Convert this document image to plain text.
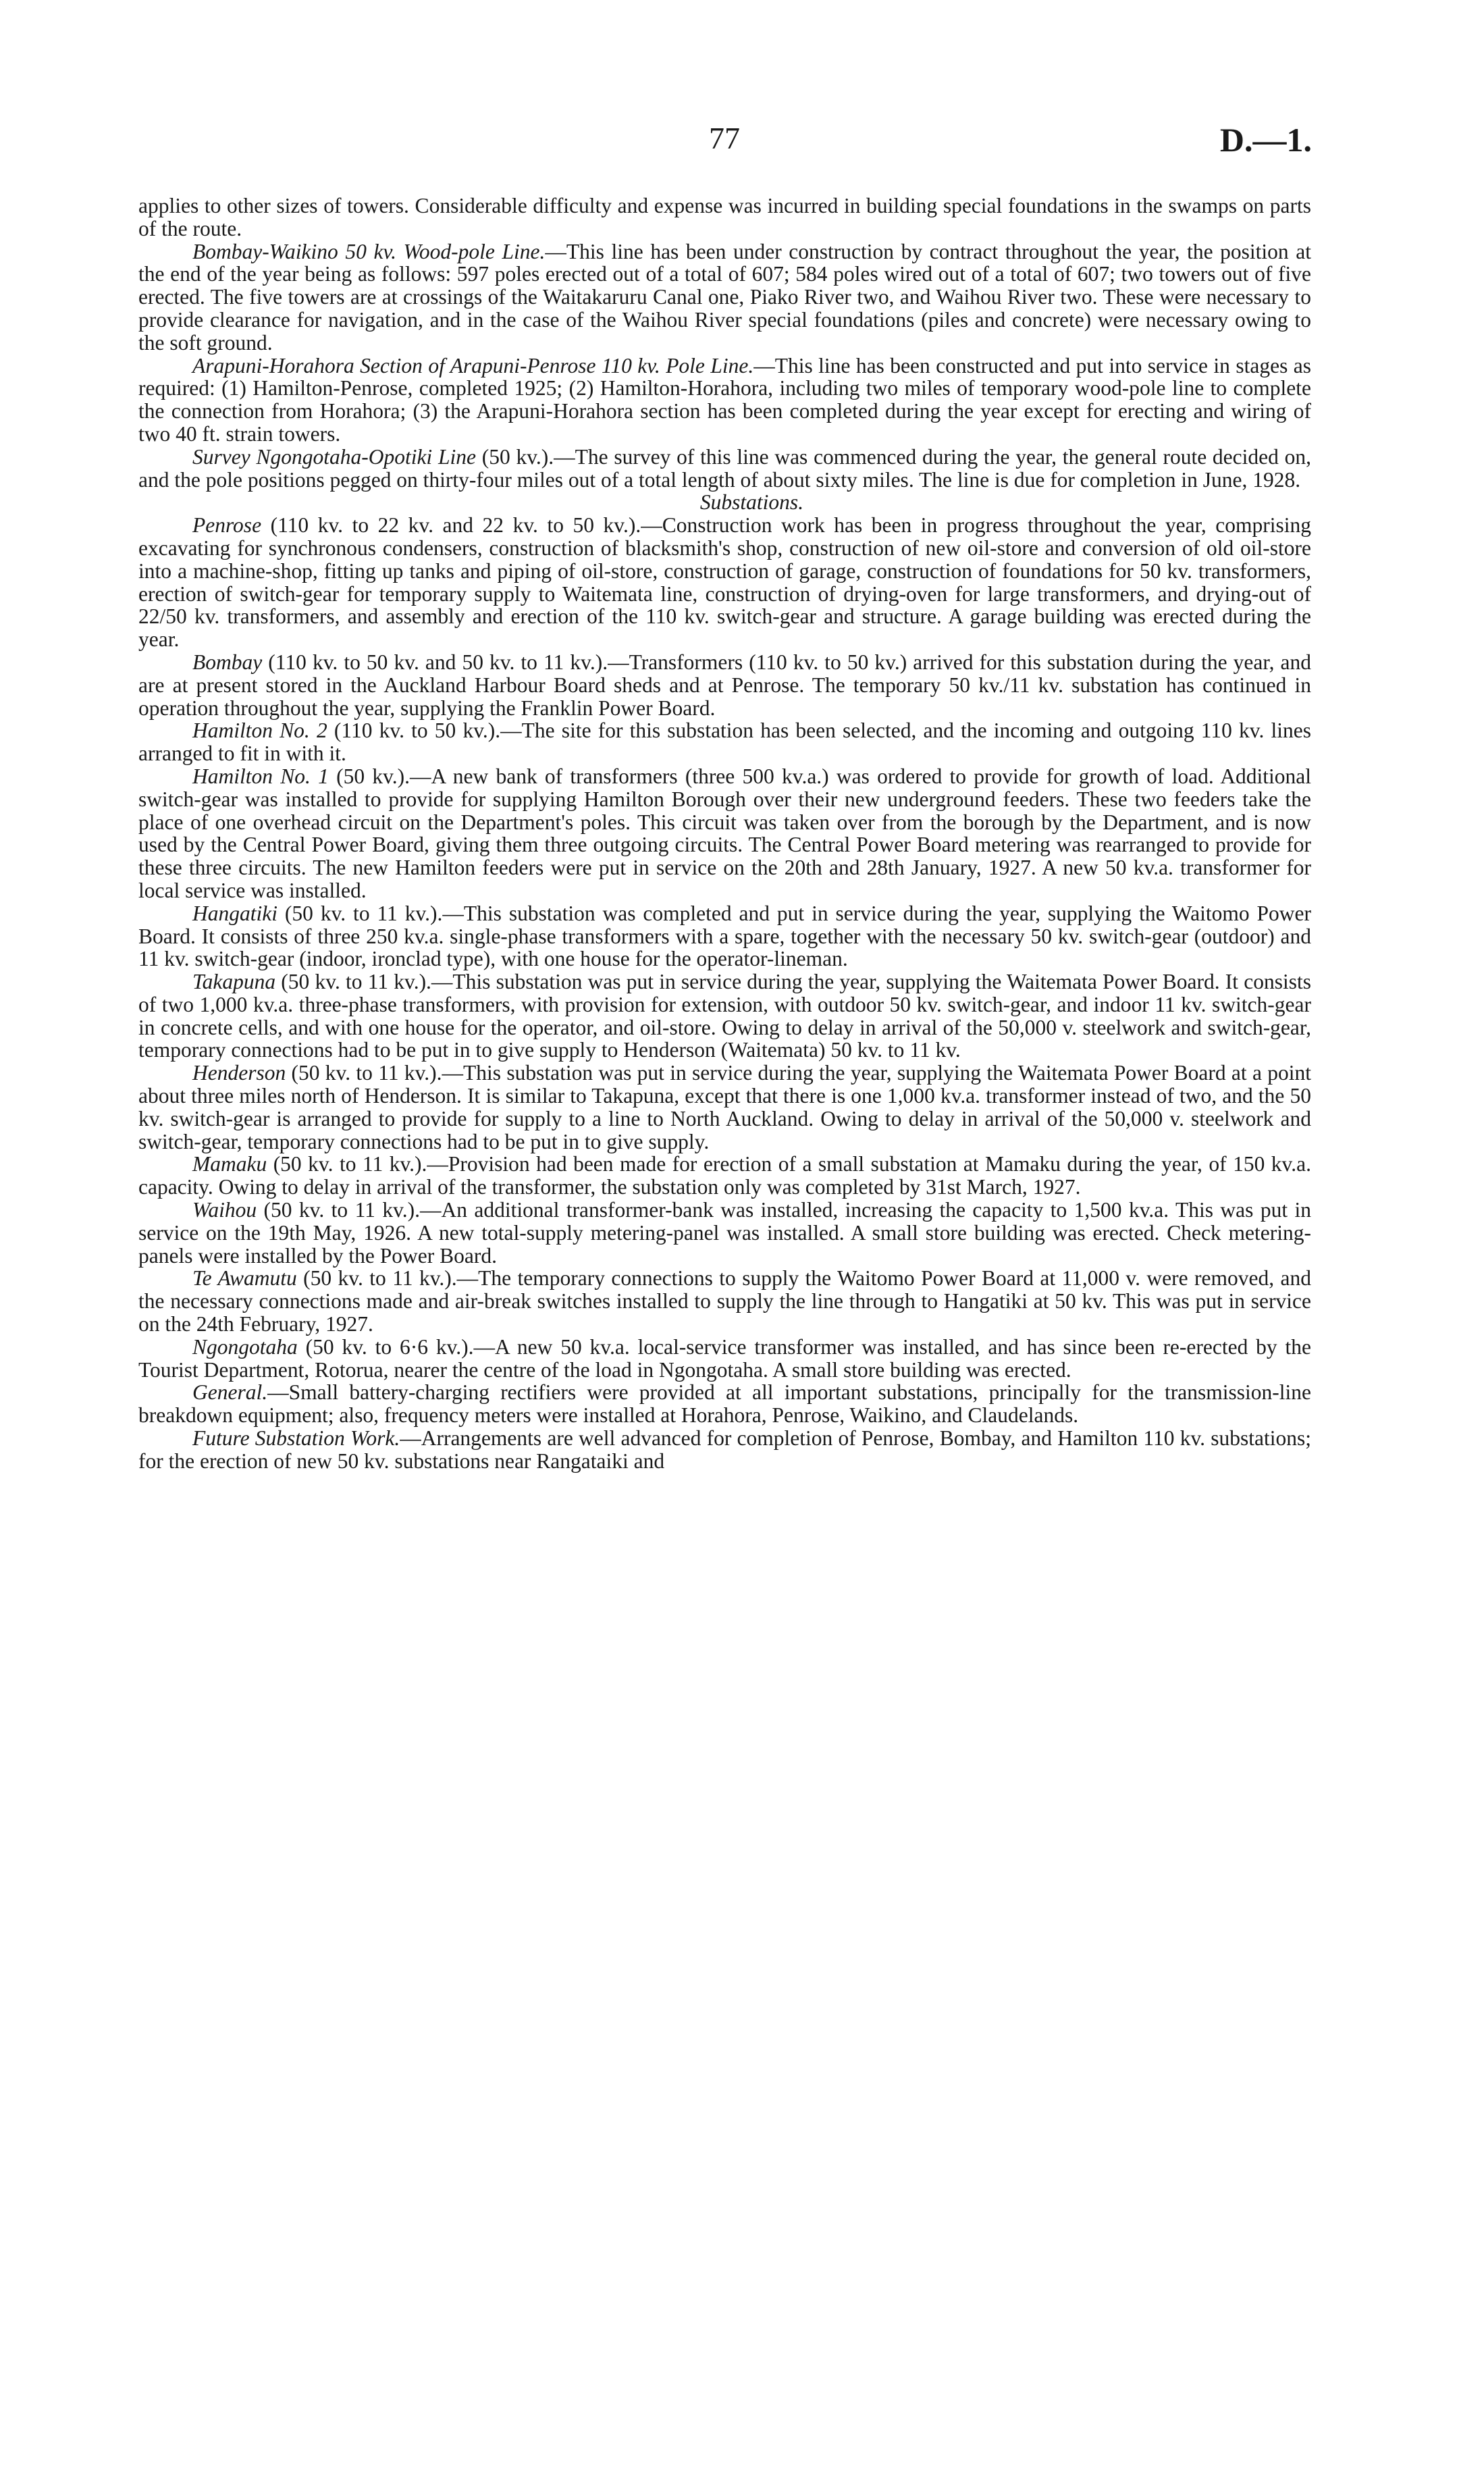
77	D.—1.

applies to other sizes of towers. Considerable difficulty and expense was incurred in building special foundations in the swamps on parts of the route.

Bombay-Waikino 50 kv. Wood-pole Line.—This line has been under construction by contract throughout the year, the position at the end of the year being as follows: 597 poles erected out of a total of 607; 584 poles wired out of a total of 607; two towers out of five erected. The five towers are at crossings of the Waitakaruru Canal one, Piako River two, and Waihou River two. These were necessary to provide clearance for navigation, and in the case of the Waihou River special foundations (piles and concrete) were necessary owing to the soft ground.

Arapuni-Horahora Section of Arapuni-Penrose 110 kv. Pole Line.—This line has been constructed and put into service in stages as required: (1) Hamilton-Penrose, completed 1925; (2) Hamilton-Horahora, including two miles of temporary wood-pole line to complete the connection from Horahora; (3) the Arapuni-Horahora section has been completed during the year except for erecting and wiring of two 40 ft. strain towers.

Survey Ngongotaha-Opotiki Line (50 kv.).—The survey of this line was commenced during the year, the general route decided on, and the pole positions pegged on thirty-four miles out of a total length of about sixty miles. The line is due for completion in June, 1928.

Substations.

Penrose (110 kv. to 22 kv. and 22 kv. to 50 kv.).—Construction work has been in progress throughout the year, comprising excavating for synchronous condensers, construction of blacksmith's shop, construction of new oil-store and conversion of old oil-store into a machine-shop, fitting up tanks and piping of oil-store, construction of garage, construction of foundations for 50 kv. transformers, erection of switch-gear for temporary supply to Waitemata line, construction of drying-oven for large transformers, and drying-out of 22/50 kv. transformers, and assembly and erection of the 110 kv. switch-gear and structure. A garage building was erected during the year.

Bombay (110 kv. to 50 kv. and 50 kv. to 11 kv.).—Transformers (110 kv. to 50 kv.) arrived for this substation during the year, and are at present stored in the Auckland Harbour Board sheds and at Penrose. The temporary 50 kv./11 kv. substation has continued in operation throughout the year, supplying the Franklin Power Board.

Hamilton No. 2 (110 kv. to 50 kv.).—The site for this substation has been selected, and the incoming and outgoing 110 kv. lines arranged to fit in with it.

Hamilton No. 1 (50 kv.).—A new bank of transformers (three 500 kv.a.) was ordered to provide for growth of load. Additional switch-gear was installed to provide for supplying Hamilton Borough over their new underground feeders. These two feeders take the place of one overhead circuit on the Department's poles. This circuit was taken over from the borough by the Department, and is now used by the Central Power Board, giving them three outgoing circuits. The Central Power Board metering was rearranged to provide for these three circuits. The new Hamilton feeders were put in service on the 20th and 28th January, 1927. A new 50 kv.a. transformer for local service was installed.

Hangatiki (50 kv. to 11 kv.).—This substation was completed and put in service during the year, supplying the Waitomo Power Board. It consists of three 250 kv.a. single-phase transformers with a spare, together with the necessary 50 kv. switch-gear (outdoor) and 11 kv. switch-gear (indoor, ironclad type), with one house for the operator-lineman.

Takapuna (50 kv. to 11 kv.).—This substation was put in service during the year, supplying the Waitemata Power Board. It consists of two 1,000 kv.a. three-phase transformers, with provision for extension, with outdoor 50 kv. switch-gear, and indoor 11 kv. switch-gear in concrete cells, and with one house for the operator, and oil-store. Owing to delay in arrival of the 50,000 v. steelwork and switch-gear, temporary connections had to be put in to give supply to Henderson (Waitemata) 50 kv. to 11 kv.

Henderson (50 kv. to 11 kv.).—This substation was put in service during the year, supplying the Waitemata Power Board at a point about three miles north of Henderson. It is similar to Takapuna, except that there is one 1,000 kv.a. transformer instead of two, and the 50 kv. switch-gear is arranged to provide for supply to a line to North Auckland. Owing to delay in arrival of the 50,000 v. steelwork and switch-gear, temporary connections had to be put in to give supply.

Mamaku (50 kv. to 11 kv.).—Provision had been made for erection of a small substation at Mamaku during the year, of 150 kv.a. capacity. Owing to delay in arrival of the transformer, the substation only was completed by 31st March, 1927.

Waihou (50 kv. to 11 kv.).—An additional transformer-bank was installed, increasing the capacity to 1,500 kv.a. This was put in service on the 19th May, 1926. A new total-supply metering-panel was installed. A small store building was erected. Check metering-panels were installed by the Power Board.

Te Awamutu (50 kv. to 11 kv.).—The temporary connections to supply the Waitomo Power Board at 11,000 v. were removed, and the necessary connections made and air-break switches installed to supply the line through to Hangatiki at 50 kv. This was put in service on the 24th February, 1927.

Ngongotaha (50 kv. to 6·6 kv.).—A new 50 kv.a. local-service transformer was installed, and has since been re-erected by the Tourist Department, Rotorua, nearer the centre of the load in Ngongotaha. A small store building was erected.

General.—Small battery-charging rectifiers were provided at all important substations, principally for the transmission-line breakdown equipment; also, frequency meters were installed at Horahora, Penrose, Waikino, and Claudelands.

Future Substation Work.—Arrangements are well advanced for completion of Penrose, Bombay, and Hamilton 110 kv. substations; for the erection of new 50 kv. substations near Rangataiki and
